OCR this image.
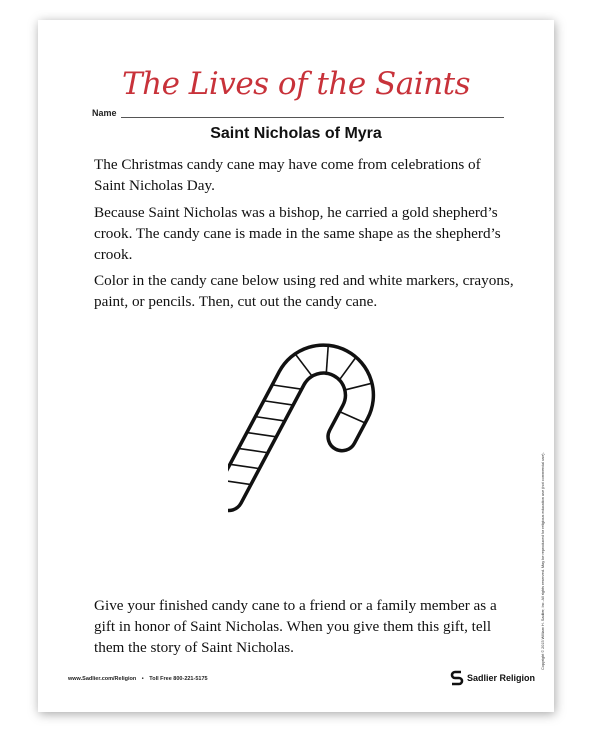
The Lives of the Saints
Name
Saint Nicholas of Myra

The Christmas candy cane may have come from celebrations of Saint Nicholas Day.

Because Saint Nicholas was a bishop, he carried a gold shepherd’s crook. The candy cane is made in the same shape as the shepherd’s crook.

Color in the candy cane below using red and white markers, crayons, paint, or pencils. Then, cut out the candy cane.

Give your finished candy cane to a friend or a family member as a gift in honor of Saint Nicholas. When you give them this gift, tell them the story of Saint Nicholas.	Copyright © 2015 William H. Sadlier, Inc. All rights reserved. May be reproduced for religious education use (not commercial use).
www.Sadlier.com/Religion • Toll Free 800-221-5175	Sadlier Religion
